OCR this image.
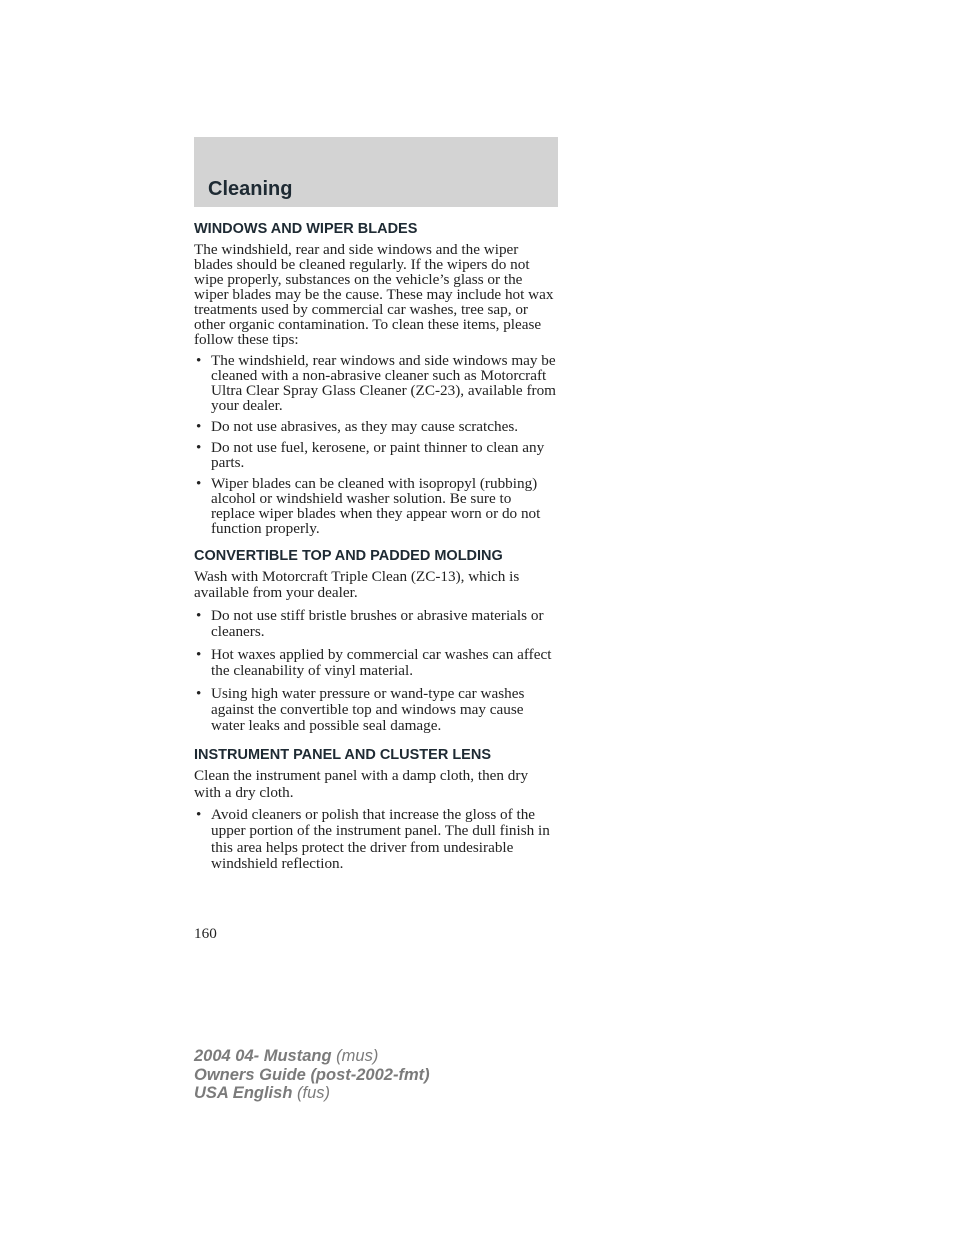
Cleaning
WINDOWS AND WIPER BLADES

The windshield, rear and side windows and the wiper blades should be cleaned regularly. If the wipers do not wipe properly, substances on the vehicle’s glass or the wiper blades may be the cause. These may include hot wax treatments used by commercial car washes, tree sap, or other organic contamination. To clean these items, please follow these tips:

• The windshield, rear windows and side windows may be cleaned with a non-abrasive cleaner such as Motorcraft Ultra Clear Spray Glass Cleaner (ZC-23), available from your dealer.
• Do not use abrasives, as they may cause scratches.
• Do not use fuel, kerosene, or paint thinner to clean any parts.
• Wiper blades can be cleaned with isopropyl (rubbing) alcohol or windshield washer solution. Be sure to replace wiper blades when they appear worn or do not function properly.
CONVERTIBLE TOP AND PADDED MOLDING

Wash with Motorcraft Triple Clean (ZC-13), which is available from your dealer.

• Do not use stiff bristle brushes or abrasive materials or cleaners.
• Hot waxes applied by commercial car washes can affect the cleanability of vinyl material.
• Using high water pressure or wand-type car washes against the convertible top and windows may cause water leaks and possible seal damage.
INSTRUMENT PANEL AND CLUSTER LENS

Clean the instrument panel with a damp cloth, then dry with a dry cloth.

• Avoid cleaners or polish that increase the gloss of the upper portion of the instrument panel. The dull finish in this area helps protect the driver from undesirable windshield reflection.

160

2004 04- Mustang (mus)
Owners Guide (post-2002-fmt)
USA English (fus)
